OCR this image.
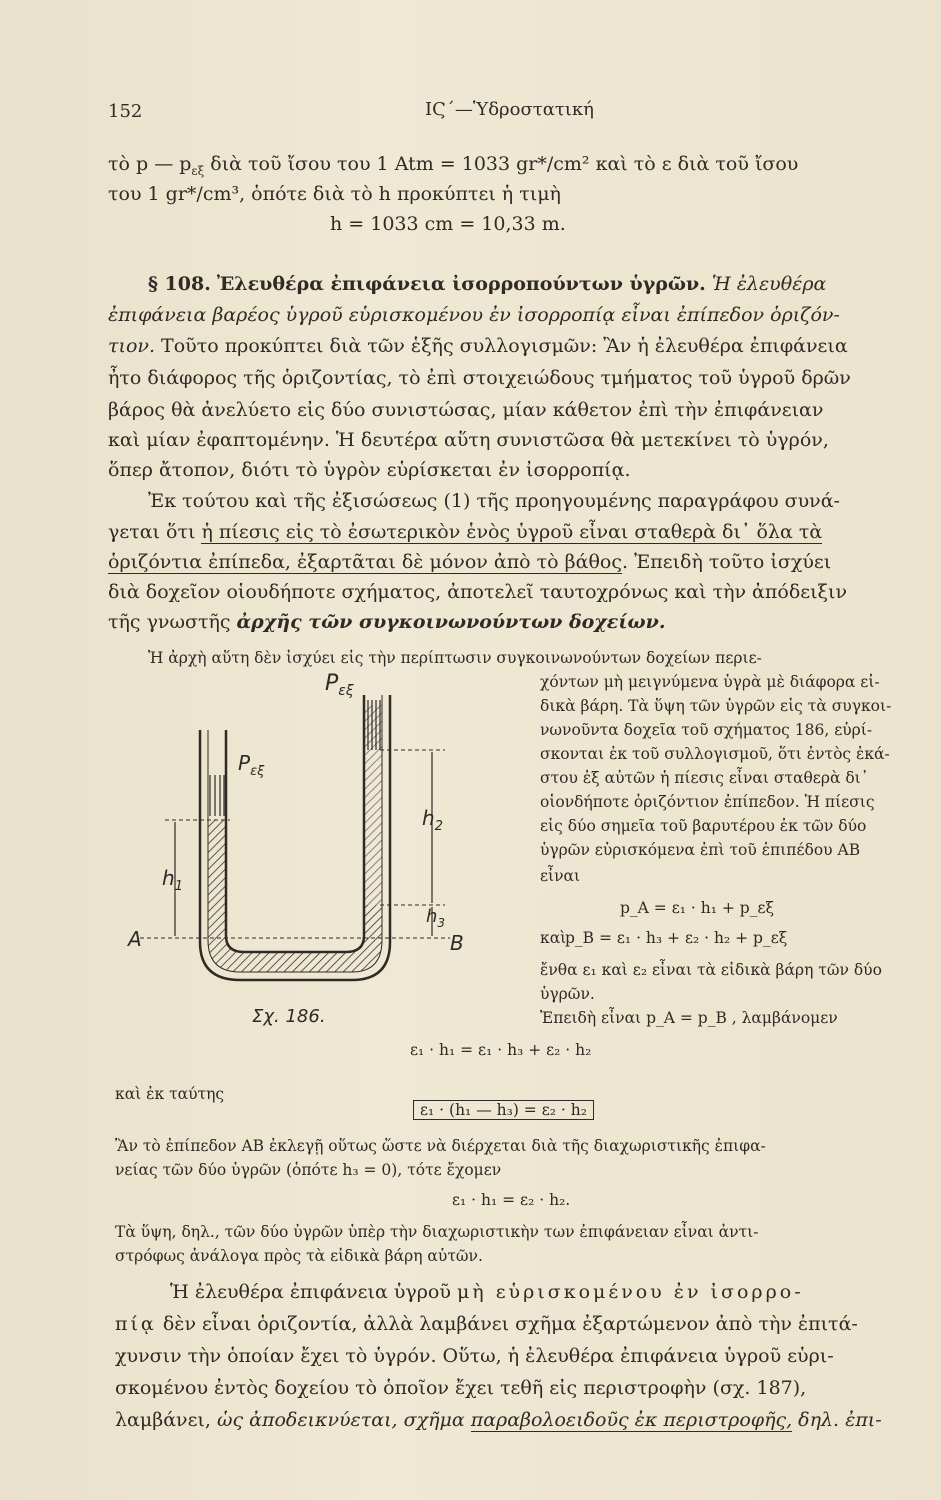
152	ΙϚ΄—Ὑδροστατική
τὸ p — $p_{\varepsilon\xi}$ διὰ τοῦ ἴσου του 1 Atm = 1033 gr*/cm² καὶ τὸ ε διὰ τοῦ ἴσου
του 1 gr*/cm³, ὁπότε διὰ τὸ h προκύπτει ἡ τιμὴ
h = 1033 cm = 10,33 m.
§ 108. Ἐλευθέρα ἐπιφάνεια ἰσορροπούντων ὑγρῶν. Ἡ ἐλευθέρα
ἐπιφάνεια βαρέος ὑγροῦ εὑρισκομένου ἐν ἰσορροπίᾳ εἶναι ἐπίπεδον ὁριζόν-
τιον. Τοῦτο προκύπτει διὰ τῶν ἑξῆς συλλογισμῶν: Ἂν ἡ ἐλευθέρα ἐπιφάνεια
ἦτο διάφορος τῆς ὁριζοντίας, τὸ ἐπὶ στοιχειώδους τμήματος τοῦ ὑγροῦ δρῶν
βάρος θὰ ἀνελύετο εἰς δύο συνιστώσας, μίαν κάθετον ἐπὶ τὴν ἐπιφάνειαν
καὶ μίαν ἐφαπτομένην. Ἡ δευτέρα αὕτη συνιστῶσα θὰ μετεκίνει τὸ ὑγρόν,
ὅπερ ἄτοπον, διότι τὸ ὑγρὸν εὑρίσκεται ἐν ἰσορροπίᾳ.
Ἐκ τούτου καὶ τῆς ἐξισώσεως (1) τῆς προηγουμένης παραγράφου συνά-
γεται ὅτι ἡ πίεσις εἰς τὸ ἐσωτερικὸν ἑνὸς ὑγροῦ εἶναι σταθερὰ δι᾽ ὅλα τὰ
ὁριζόντια ἐπίπεδα, ἐξαρτᾶται δὲ μόνον ἀπὸ τὸ βάθος. Ἐπειδὴ τοῦτο ἰσχύει
διὰ δοχεῖον οἱουδήποτε σχήματος, ἀποτελεῖ ταυτοχρόνως καὶ τὴν ἀπόδειξιν
τῆς γνωστῆς ἀρχῆς τῶν συγκοινωνούντων δοχείων.
Ἡ ἀρχὴ αὕτη δὲν ἰσχύει εἰς τὴν περίπτωσιν συγκοινωνούντων δοχείων περιε-
χόντων μὴ μειγνύμενα ὑγρὰ μὲ διάφορα εἰ-
δικὰ βάρη. Τὰ ὕψη τῶν ὑγρῶν εἰς τὰ συγκοι-
νωνοῦντα δοχεῖα τοῦ σχήματος 186, εὑρί-
σκονται ἐκ τοῦ συλλογισμοῦ, ὅτι ἐντὸς ἑκά-
στου ἐξ αὐτῶν ἡ πίεσις εἶναι σταθερὰ δι᾽
οἱονδήποτε ὁριζόντιον ἐπίπεδον. Ἡ πίεσις
εἰς δύο σημεῖα τοῦ βαρυτέρου ἐκ τῶν δύο
ὑγρῶν εὑρισκόμενα ἐπὶ τοῦ ἐπιπέδου AB
εἶναι
p_A = ε₁ · h₁ + p_εξ
καὶ
p_B = ε₁ · h₃ + ε₂ · h₂ + p_εξ
ἔνθα ε₁ καὶ ε₂ εἶναι τὰ εἰδικὰ βάρη τῶν δύο
ὑγρῶν.
Ἐπειδὴ εἶναι p_A = p_B , λαμβάνομεν
ε₁ · h₁ = ε₁ · h₃ + ε₂ · h₂
καὶ ἐκ ταύτης
ε₁ · (h₁ — h₃) = ε₂ · h₂
Ἂν τὸ ἐπίπεδον AB ἐκλεγῇ οὕτως ὥστε νὰ διέρχεται διὰ τῆς διαχωριστικῆς ἐπιφα-
νείας τῶν δύο ὑγρῶν (ὁπότε h₃ = 0), τότε ἔχομεν
ε₁ · h₁ = ε₂ · h₂.
Τὰ ὕψη, δηλ., τῶν δύο ὑγρῶν ὑπὲρ τὴν διαχωριστικὴν των ἐπιφάνειαν εἶναι ἀντι-
στρόφως ἀνάλογα πρὸς τὰ εἰδικὰ βάρη αὐτῶν.
Ἡ ἐλευθέρα ἐπιφάνεια ὑγροῦ μὴ εὑρισκομένου ἐν ἰσορρο-
πίᾳ δὲν εἶναι ὁριζοντία, ἀλλὰ λαμβάνει σχῆμα ἐξαρτώμενον ἀπὸ τὴν ἐπιτά-
χυνσιν τὴν ὁποίαν ἔχει τὸ ὑγρόν. Οὕτω, ἡ ἐλευθέρα ἐπιφάνεια ὑγροῦ εὑρι-
σκομένου ἐντὸς δοχείου τὸ ὁποῖον ἔχει τεθῆ εἰς περιστροφὴν (σχ. 187),
λαμβάνει, ὡς ἀποδεικνύεται, σχῆμα παραβολοειδοῦς ἐκ περιστροφῆς, δηλ. ἐπι-
$P_{\varepsilon\xi}$
$P_{\varepsilon\xi}$
$h_1$
$h_2$
$h_3$
A	B
Σχ. 186.
